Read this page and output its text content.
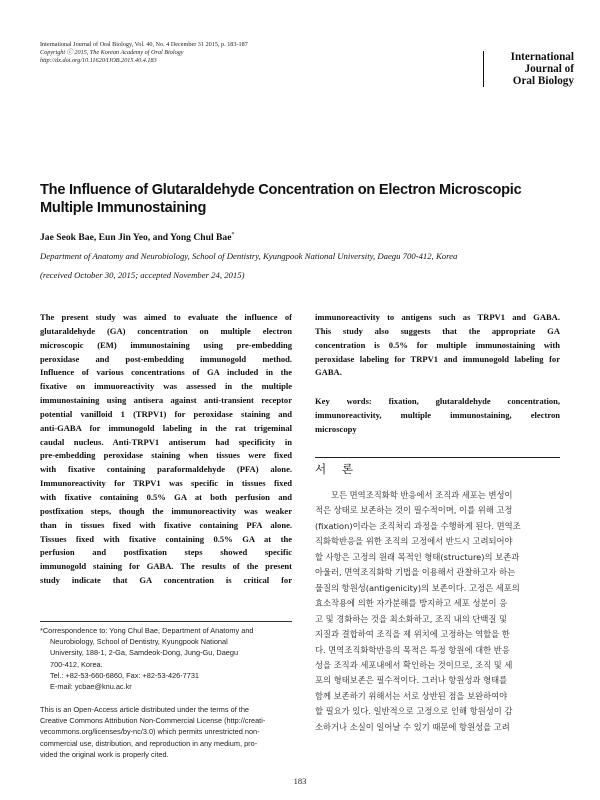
International Journal of Oral Biology, Vol. 40, No. 4 December 31 2015, p. 183-187
Copyright ⓒ 2015, The Korean Academy of Oral Biology
http://dx.doi.org/10.11620/IJOB.2015.40.4.183	International
Journal of
Oral Biology
The Influence of Glutaraldehyde Concentration on Electron Microscopic
Multiple Immunostaining
Jae Seok Bae, Eun Jin Yeo, and Yong Chul Bae*
Department of Anatomy and Neurobiology, School of Dentistry, Kyungpook National University, Daegu 700-412, Korea
(received October 30, 2015; accepted November 24, 2015)
The present study was aimed to evaluate the influence of
glutaraldehyde (GA) concentration on multiple electron
microscopic (EM) immunostaining using pre-embedding
peroxidase and post-embedding immunogold method.
Influence of various concentrations of GA included in the
fixative on immuoreactivity was assessed in the multiple
immunostaining using antisera against anti-transient receptor
potential vanilloid 1 (TRPV1) for peroxidase staining and
anti-GABA for immunogold labeling in the rat trigeminal
caudal nucleus. Anti-TRPV1 antiserum had specificity in
pre-embedding peroxidase staining when tissues were fixed
with fixative containing paraformaldehyde (PFA) alone.
Immunoreactivity for TRPV1 was specific in tissues fixed
with fixative containing 0.5% GA at both perfusion and
postfixation steps, though the immunoreactivity was weaker
than in tissues fixed with fixative containing PFA alone.
Tissues fixed with fixative containing 0.5% GA at the
perfusion and postfixation steps showed specific
immunogold staining for GABA. The results of the present
study indicate that GA concentration is critical for
immunoreactivity to antigens such as TRPV1 and GABA.
This study also suggests that the appropriate GA
concentration is 0.5% for multiple immunostaining with
peroxidase labeling for TRPV1 and immunogold labeling for
GABA.
Key words: fixation, glutaraldehyde concentration,
immunoreactivity, multiple immunostaining, electron
microscopy
서 론
모든 면역조직화학 반응에서 조직과 세포는 변성이
적은 상태로 보존하는 것이 필수적이며, 이를 위해 고정
(fixation)이라는 조직처리 과정을 수행하게 된다. 면역조
직화학반응을 위한 조직의 고정에서 반드시 고려되어야
할 사항은 고정의 원래 목적인 형태(structure)의 보존과
아울러, 면역조직화학 기법을 이용해서 관찰하고자 하는
물질의 항원성(antigenicity)의 보존이다. 고정은 세포의
효소작용에 의한 자가분해를 방지하고 세포 성분이 응
고 및 경화하는 것을 최소화하고, 조직 내의 단백질 및
지질과 결합하여 조직을 제 위치에 고정하는 역할을 한
다. 면역조직화학반응의 목적은 특정 항원에 대한 반응
성을 조직과 세포내에서 확인하는 것이므로, 조직 및 세
포의 형태보존은 필수적이다. 그러나 항원성과 형태를
함께 보존하기 위해서는 서로 상반된 점을 보완하여야
할 필요가 있다. 일반적으로 고정으로 인해 항원성이 감
소하거나 소실이 일어날 수 있기 때문에 항원성을 고려
*Correspondence to: Yong Chul Bae, Department of Anatomy and
Neurobiology, School of Dentistry, Kyungpook National
University, 188-1, 2-Ga, Samdeok-Dong, Jung-Gu, Daegu
700-412, Korea.
Tel.: +82-53-660-6860, Fax: +82-53-426-7731
E-mail: ycbae@knu.ac.kr
This is an Open-Access article distributed under the terms of the
Creative Commons Attribution Non-Commercial License (http://creati-
vecommons.org/licenses/by-nc/3.0) which permits unrestricted non-
commercial use, distribution, and reproduction in any medium, pro-
vided the original work is properly cited.
183
